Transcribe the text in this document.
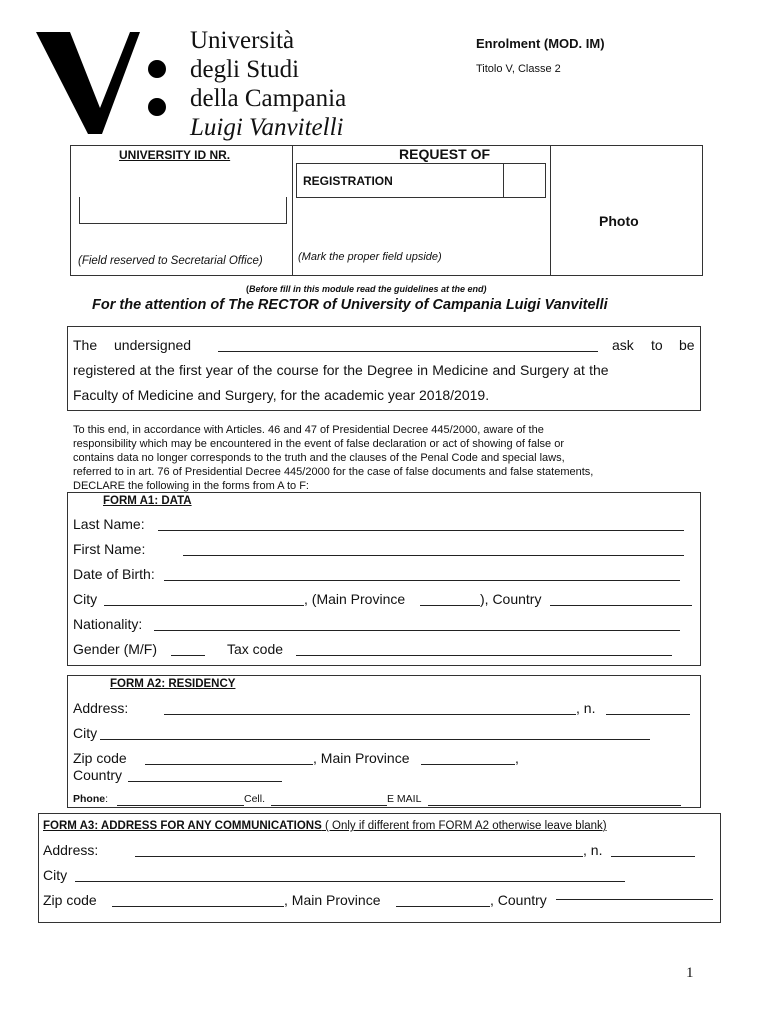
Università
degli Studi
della Campania
Luigi Vanvitelli
Enrolment (MOD. IM)
Titolo V, Classe 2
UNIVERSITY ID NR.
(Field reserved to Secretarial Office)
REQUEST OF
REGISTRATION
(Mark the proper field upside)
Photo
(Before fill in this module read the guidelines at the end)
For the attention of The RECTOR of University of Campania Luigi Vanvitelli
The undersigned	ask to be
registered at the first year of the course for the Degree in Medicine and Surgery at the
Faculty of Medicine and Surgery, for the academic year 2018/2019.
To this end, in accordance with Articles. 46 and 47 of Presidential Decree 445/2000, aware of the
responsibility which may be encountered in the event of false declaration or act of showing of false or
contains data no longer corresponds to the truth and the clauses of the Penal Code and special laws,
referred to in art. 76 of Presidential Decree 445/2000 for the case of false documents and false statements,
DECLARE the following in the forms from A to F:
FORM A1: DATA
Last Name:
First Name:
Date of Birth:
City	, (Main Province	), Country
Nationality:
Gender (M/F)	Tax code
FORM A2: RESIDENCY
Address:	, n.
City
Zip code	, Main Province	,
Country
Phone:	Cell.	E MAIL
FORM A3: ADDRESS FOR ANY COMMUNICATIONS ( Only if different from FORM A2 otherwise leave blank)
Address:	, n.
City
Zip code	, Main Province	, Country
1
